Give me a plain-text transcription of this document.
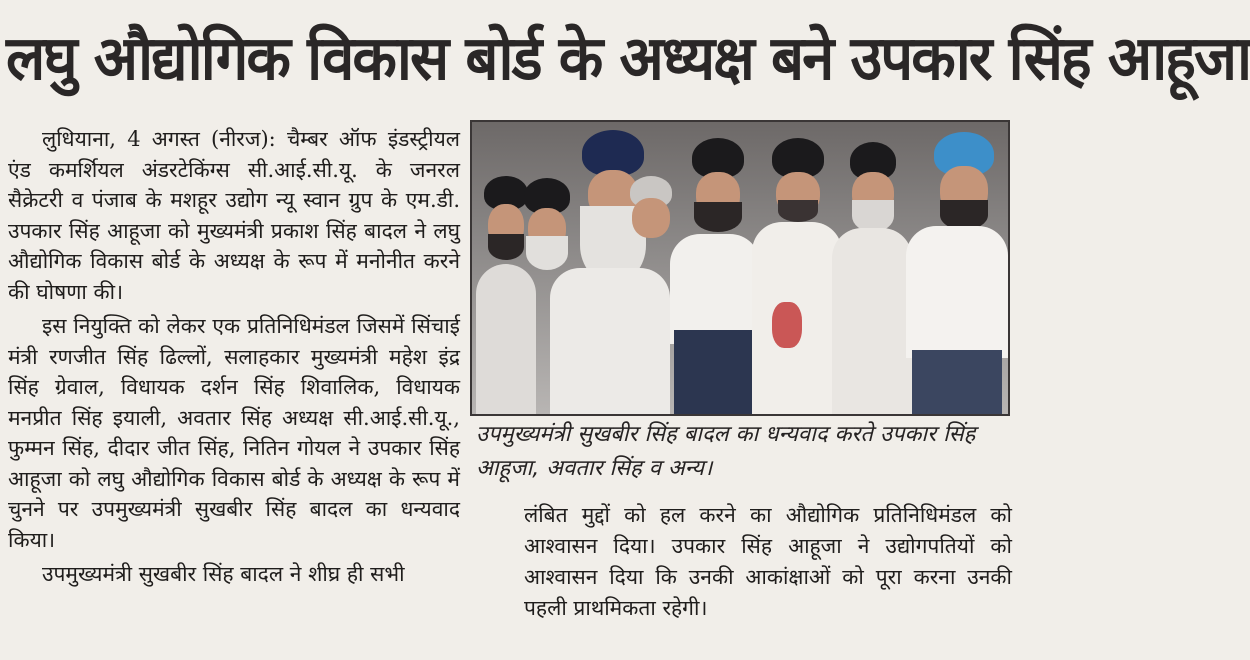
लघु औद्योगिक विकास बोर्ड के अध्यक्ष बने उपकार सिंह आहूजा

लुधियाना, 4 अगस्त (नीरज): चैम्बर ऑफ इंडस्ट्रीयल एंड कमर्शियल अंडरटेकिंग्स सी.आई.सी.यू. के जनरल सैक्रेटरी व पंजाब के मशहूर उद्योग न्यू स्वान ग्रुप के एम.डी. उपकार सिंह आहूजा को मुख्यमंत्री प्रकाश सिंह बादल ने लघु औद्योगिक विकास बोर्ड के अध्यक्ष के रूप में मनोनीत करने की घोषणा की।

इस नियुक्ति को लेकर एक प्रतिनिधिमंडल जिसमें सिंचाई मंत्री रणजीत सिंह ढिल्लों, सलाहकार मुख्यमंत्री महेश इंद्र सिंह ग्रेवाल, विधायक दर्शन सिंह शिवालिक, विधायक मनप्रीत सिंह इयाली, अवतार सिंह अध्यक्ष सी.आई.सी.यू., फुम्मन सिंह, दीदार जीत सिंह, नितिन गोयल ने उपकार सिंह आहूजा को लघु औद्योगिक विकास बोर्ड के अध्यक्ष के रूप में चुनने पर उपमुख्यमंत्री सुखबीर सिंह बादल का धन्यवाद किया।

उपमुख्यमंत्री सुखबीर सिंह बादल ने शीघ्र ही सभी

उपमुख्यमंत्री सुखबीर सिंह बादल का धन्यवाद करते उपकार सिंह आहूजा, अवतार सिंह व अन्य।

लंबित मुद्दों को हल करने का औद्योगिक प्रतिनिधिमंडल को आश्वासन दिया। उपकार सिंह आहूजा ने उद्योगपतियों को आश्वासन दिया कि उनकी आकांक्षाओं को पूरा करना उनकी पहली प्राथमिकता रहेगी।
